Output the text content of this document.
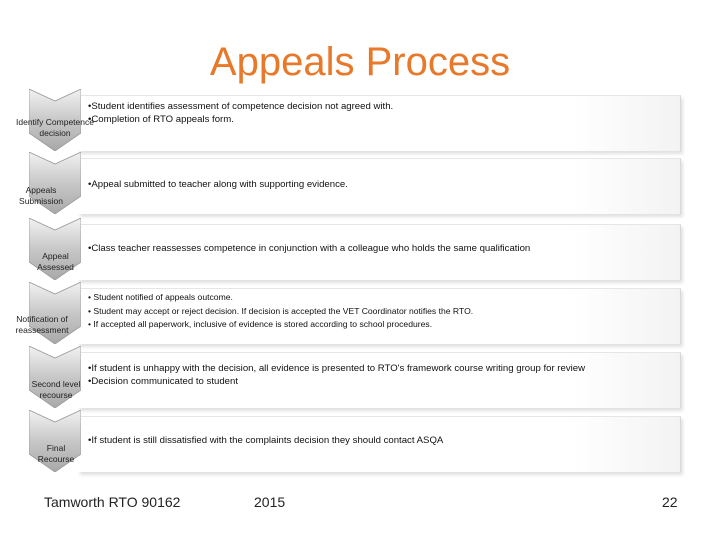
Appeals Process
Identify Competence decision
•Student identifies assessment of competence decision not agreed with.
•Completion of RTO appeals form.
Appeals Submission
•Appeal submitted to teacher along with supporting evidence.
Appeal Assessed
•Class teacher reassesses competence in conjunction with a colleague who holds the same qualification
Notification of reassessment
• Student notified of appeals outcome.
• Student may accept or reject decision. If decision is accepted the VET Coordinator notifies the RTO.
• If accepted all paperwork, inclusive of evidence is stored according to school procedures.
Second level recourse
•If student is unhappy with the decision, all evidence is presented to RTO's framework course writing group for review
•Decision communicated to student
Final Recourse
•If student is still dissatisfied with the complaints decision they should contact ASQA
Tamworth RTO 90162	2015	22
